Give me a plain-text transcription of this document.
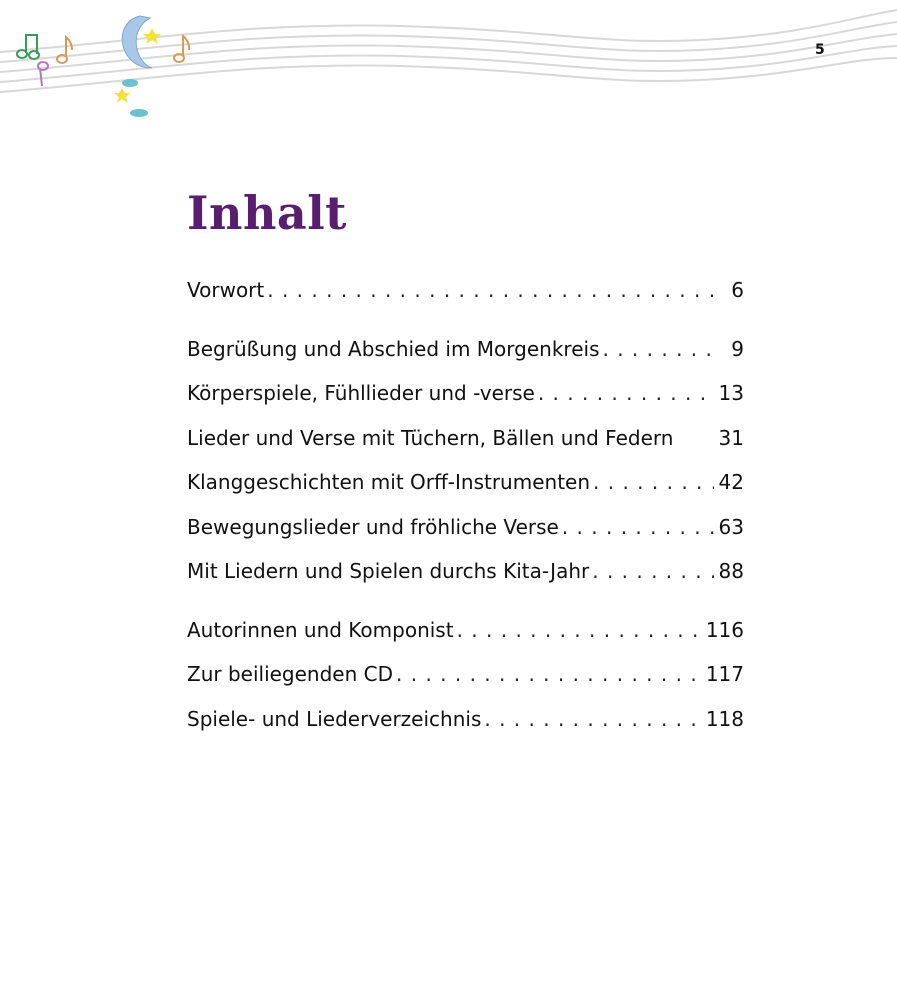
5
Inhalt
Vorwort . . .	6
Begrüßung und Abschied im Morgenkreis . . .	9
Körperspiele, Fühllieder und -verse . . .	13
Lieder und Verse mit Tüchern, Bällen und Federn 31
Klanggeschichten mit Orff-Instrumenten . . .	42
Bewegungslieder und fröhliche Verse . . .	63
Mit Liedern und Spielen durchs Kita-Jahr . . .	88
Autorinnen und Komponist . . .	116
Zur beiliegenden CD . . .	117
Spiele- und Liederverzeichnis . . .	118
